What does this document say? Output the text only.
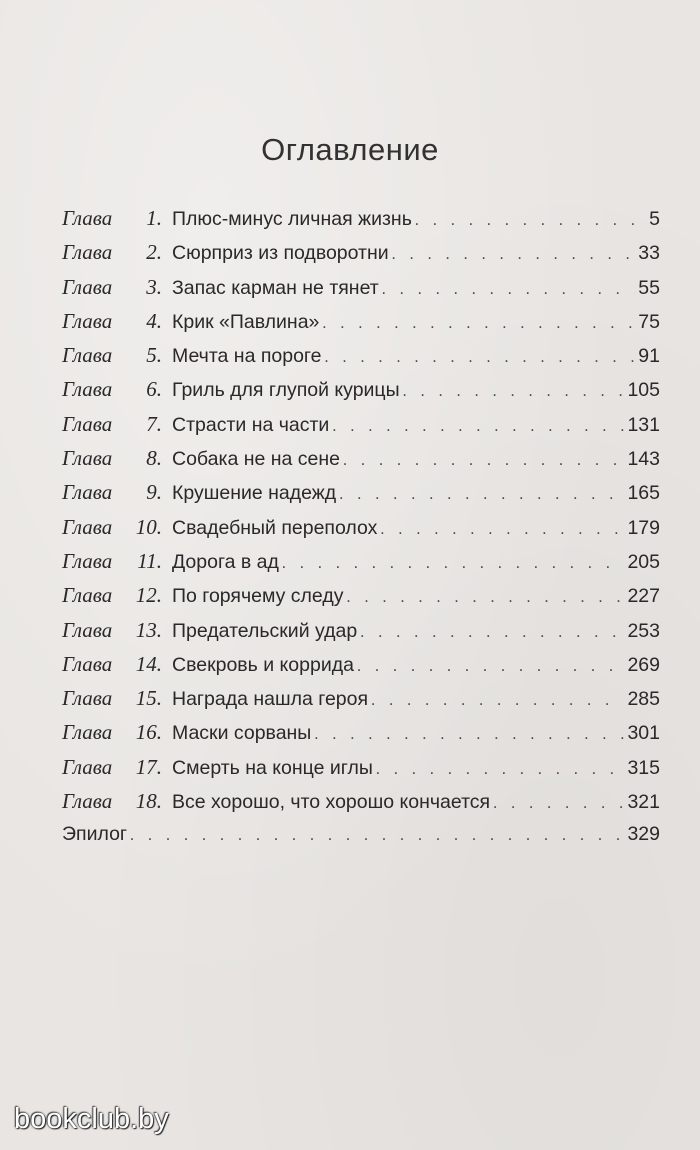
Оглавление
Глава	1. Плюс-минус личная жизнь . . .	5
Глава	2. Сюрприз из подворотни . . .	33
Глава	3. Запас карман не тянет . . .	55
Глава	4. Крик «Павлина» . . .	75
Глава	5. Мечта на пороге . . .	91
Глава	6. Гриль для глупой курицы . . .	105
Глава	7. Страсти на части . . .	131
Глава	8. Собака не на сене . . .	143
Глава	9. Крушение надежд . . .	165
Глава	10. Свадебный переполох . . .	179
Глава	11. Дорога в ад . . .	205
Глава	12. По горячему следу . . .	227
Глава	13. Предательский удар . . .	253
Глава	14. Свекровь и коррида . . .	269
Глава	15. Награда нашла героя . . .	285
Глава	16. Маски сорваны . . .	301
Глава	17. Смерть на конце иглы . . .	315
Глава	18. Все хорошо, что хорошо кончается . . .	321
Эпилог . . .	329
bookclub.by
